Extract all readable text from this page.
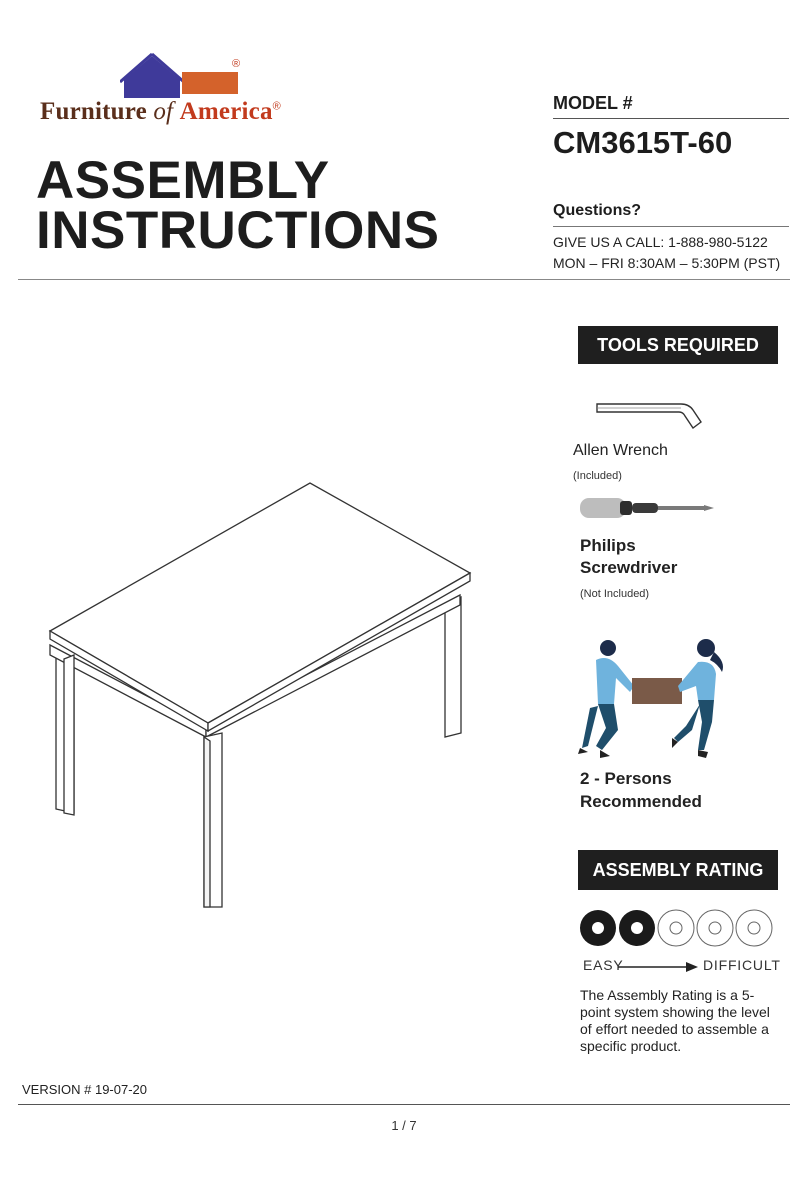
®
Furniture of America®
ASSEMBLY
INSTRUCTIONS
MODEL #
CM3615T-60
Questions?
GIVE US A CALL: 1-888-980-5122
MON – FRI 8:30AM – 5:30PM (PST)
TOOLS REQUIRED
Allen Wrench
(Included)
Philips Screwdriver
(Not Included)
2 - Persons Recommended
ASSEMBLY RATING
EASY	DIFFICULT
The Assembly Rating is a 5-point system showing the level of effort needed to assemble a specific product.
VERSION # 19-07-20
1 / 7
